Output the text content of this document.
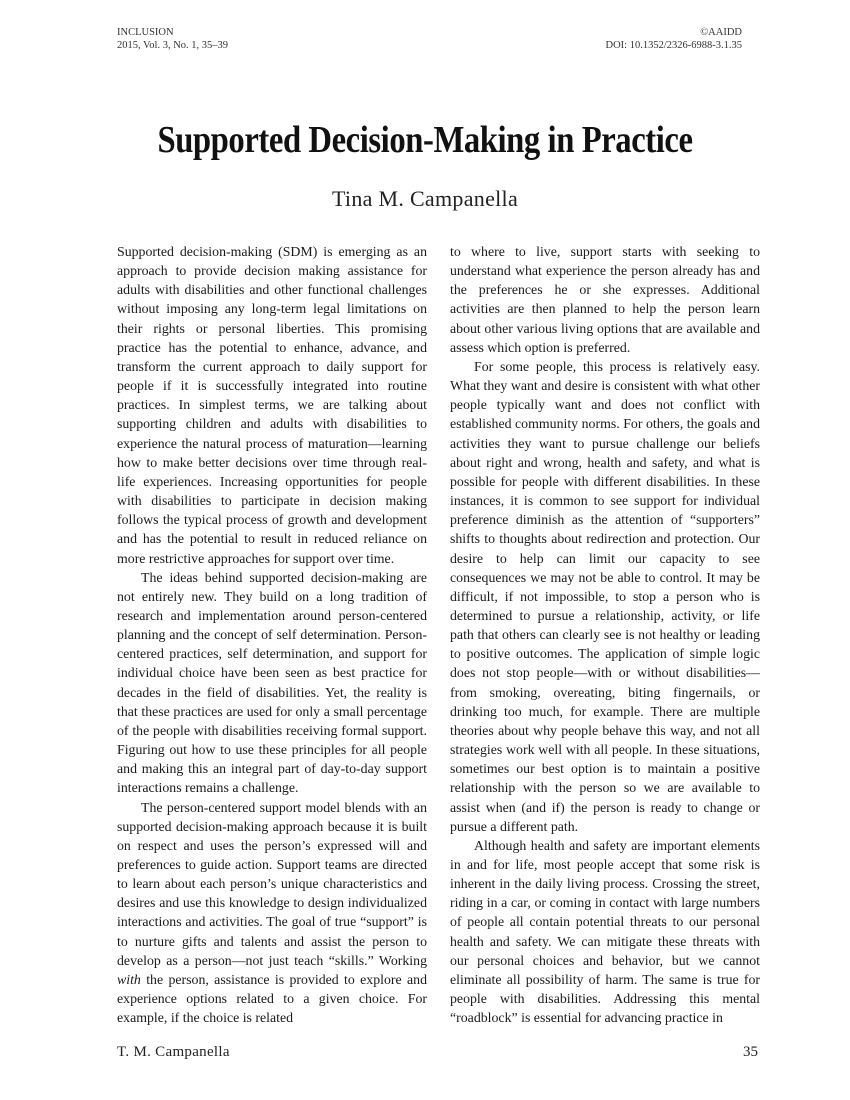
INCLUSION
2015, Vol. 3, No. 1, 35–39
©AAIDD
DOI: 10.1352/2326-6988-3.1.35
Supported Decision-Making in Practice
Tina M. Campanella

Supported decision-making (SDM) is emerging as an approach to provide decision making assistance for adults with disabilities and other functional challenges without imposing any long-term legal limitations on their rights or personal liberties. This promising practice has the potential to enhance, advance, and transform the current approach to daily support for people if it is successfully integrated into routine practices. In simplest terms, we are talking about supporting children and adults with disabilities to experience the natural process of maturation—learning how to make better decisions over time through real-life experiences. Increasing opportunities for people with disabilities to participate in decision making follows the typical process of growth and development and has the potential to result in reduced reliance on more restrictive approaches for support over time.

The ideas behind supported decision-making are not entirely new. They build on a long tradition of research and implementation around person-centered planning and the concept of self determination. Person-centered practices, self determination, and support for individual choice have been seen as best practice for decades in the field of disabilities. Yet, the reality is that these practices are used for only a small percentage of the people with disabilities receiving formal support. Figuring out how to use these principles for all people and making this an integral part of day-to-day support interactions remains a challenge.

The person-centered support model blends with an supported decision-making approach because it is built on respect and uses the person’s expressed will and preferences to guide action. Support teams are directed to learn about each person’s unique characteristics and desires and use this knowledge to design individualized interactions and activities. The goal of true “support” is to nurture gifts and talents and assist the person to develop as a person—not just teach “skills.” Working with the person, assistance is provided to explore and experience options related to a given choice. For example, if the choice is related

to where to live, support starts with seeking to understand what experience the person already has and the preferences he or she expresses. Additional activities are then planned to help the person learn about other various living options that are available and assess which option is preferred.

For some people, this process is relatively easy. What they want and desire is consistent with what other people typically want and does not conflict with established community norms. For others, the goals and activities they want to pursue challenge our beliefs about right and wrong, health and safety, and what is possible for people with different disabilities. In these instances, it is common to see support for individual preference diminish as the attention of “supporters” shifts to thoughts about redirection and protection. Our desire to help can limit our capacity to see consequences we may not be able to control. It may be difficult, if not impossible, to stop a person who is determined to pursue a relationship, activity, or life path that others can clearly see is not healthy or leading to positive outcomes. The application of simple logic does not stop people—with or without disabilities—from smoking, overeating, biting fingernails, or drinking too much, for example. There are multiple theories about why people behave this way, and not all strategies work well with all people. In these situations, sometimes our best option is to maintain a positive relationship with the person so we are available to assist when (and if) the person is ready to change or pursue a different path.

Although health and safety are important elements in and for life, most people accept that some risk is inherent in the daily living process. Crossing the street, riding in a car, or coming in contact with large numbers of people all contain potential threats to our personal health and safety. We can mitigate these threats with our personal choices and behavior, but we cannot eliminate all possibility of harm. The same is true for people with disabilities. Addressing this mental “roadblock” is essential for advancing practice in

T. M. Campanella	35
